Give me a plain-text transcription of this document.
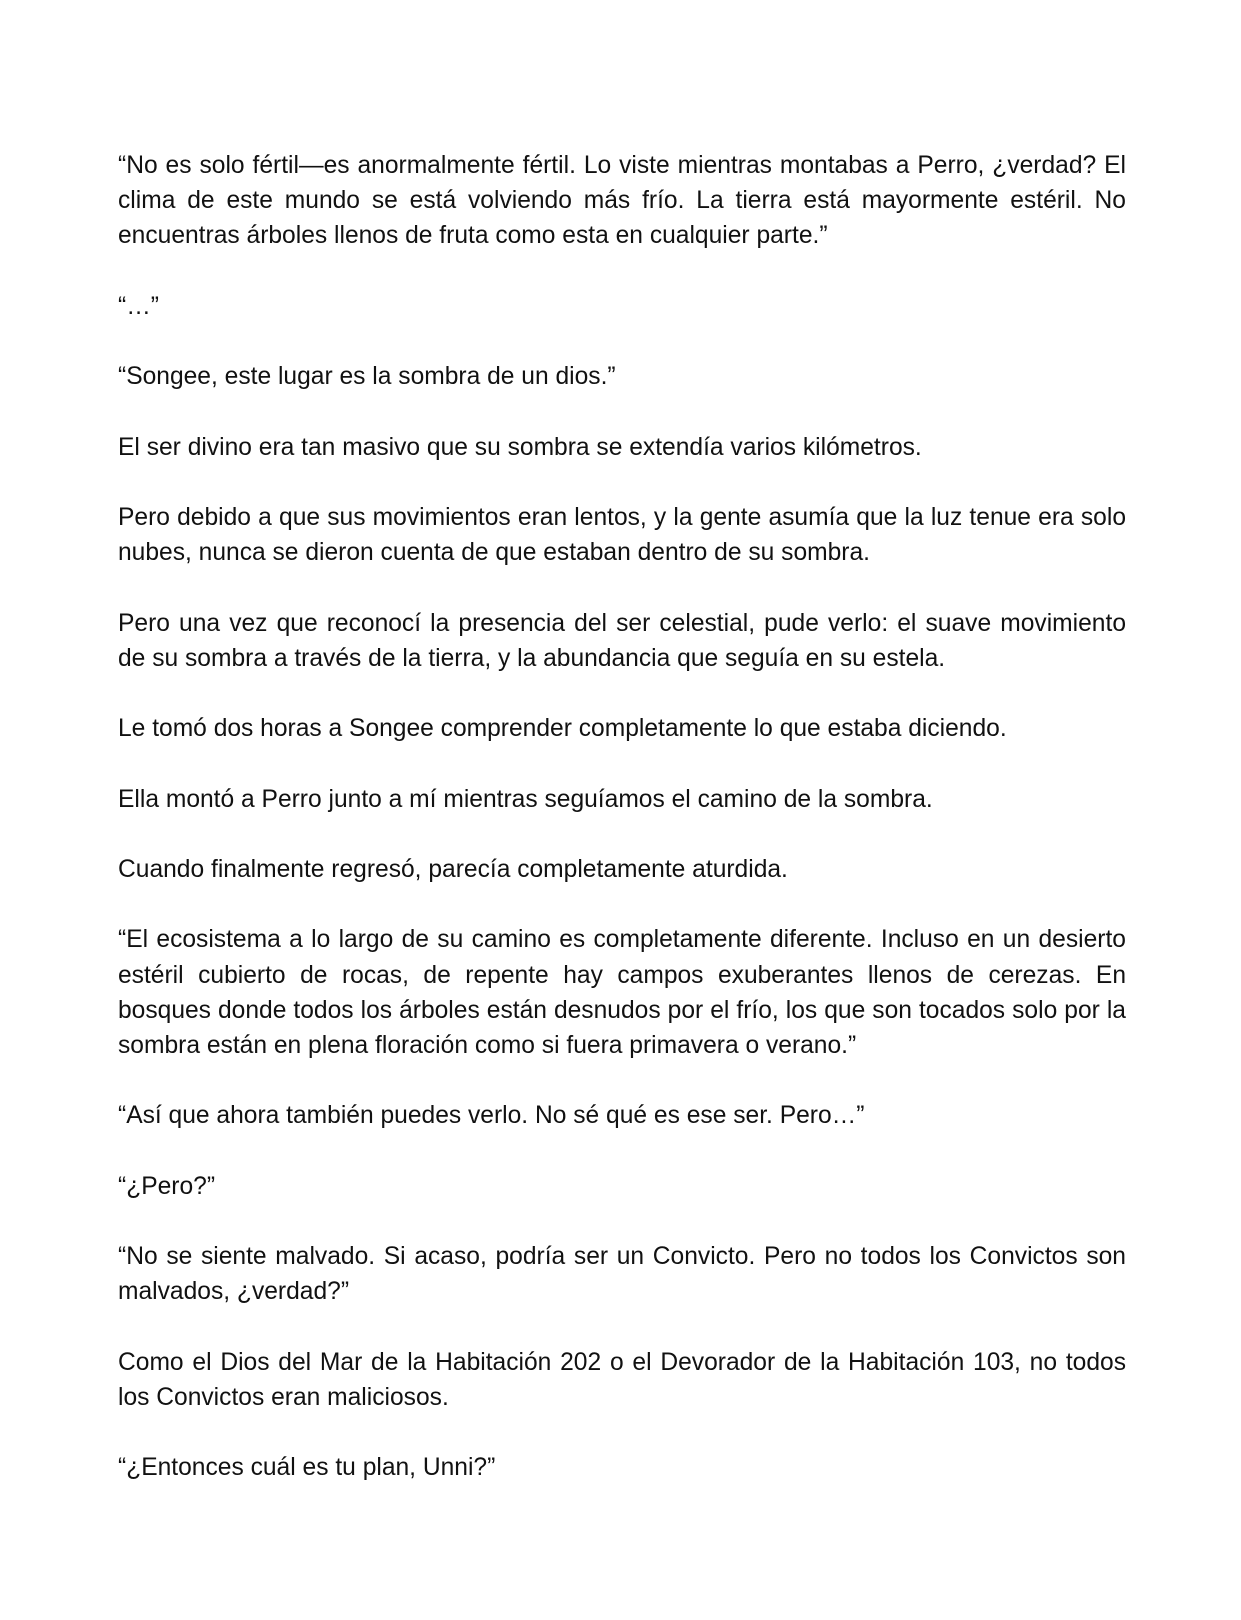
“No es solo fértil—es anormalmente fértil. Lo viste mientras montabas a Perro, ¿verdad? El clima de este mundo se está volviendo más frío. La tierra está mayormente estéril. No encuentras árboles llenos de fruta como esta en cualquier parte.”

“…”

“Songee, este lugar es la sombra de un dios.”

El ser divino era tan masivo que su sombra se extendía varios kilómetros.

Pero debido a que sus movimientos eran lentos, y la gente asumía que la luz tenue era solo nubes, nunca se dieron cuenta de que estaban dentro de su sombra.

Pero una vez que reconocí la presencia del ser celestial, pude verlo: el suave movimiento de su sombra a través de la tierra, y la abundancia que seguía en su estela.

Le tomó dos horas a Songee comprender completamente lo que estaba diciendo.

Ella montó a Perro junto a mí mientras seguíamos el camino de la sombra.

Cuando finalmente regresó, parecía completamente aturdida.

“El ecosistema a lo largo de su camino es completamente diferente. Incluso en un desierto estéril cubierto de rocas, de repente hay campos exuberantes llenos de cerezas. En bosques donde todos los árboles están desnudos por el frío, los que son tocados solo por la sombra están en plena floración como si fuera primavera o verano.”

“Así que ahora también puedes verlo. No sé qué es ese ser. Pero…”

“¿Pero?”

“No se siente malvado. Si acaso, podría ser un Convicto. Pero no todos los Convictos son malvados, ¿verdad?”

Como el Dios del Mar de la Habitación 202 o el Devorador de la Habitación 103, no todos los Convictos eran maliciosos.

“¿Entonces cuál es tu plan, Unni?”
